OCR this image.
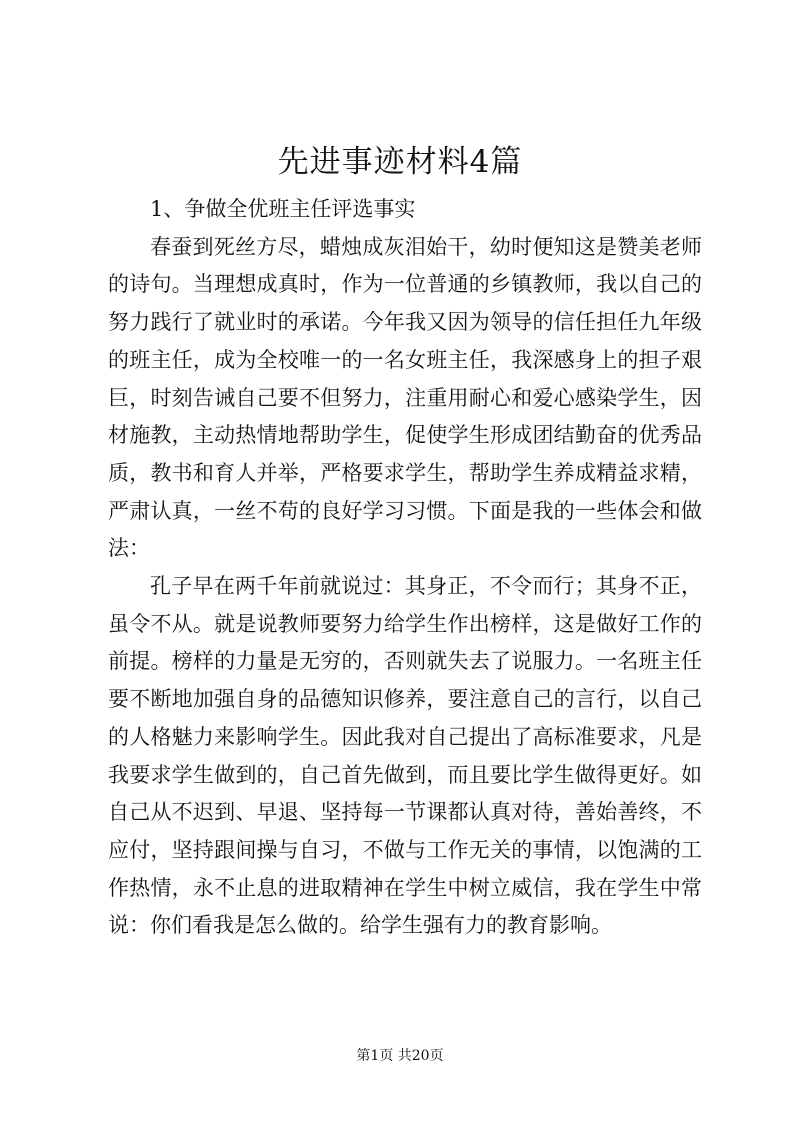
先进事迹材料4篇

1、争做全优班主任评选事实

春蚕到死丝方尽，蜡烛成灰泪始干，幼时便知这是赞美老师的诗句。当理想成真时，作为一位普通的乡镇教师，我以自己的努力践行了就业时的承诺。今年我又因为领导的信任担任九年级的班主任，成为全校唯一的一名女班主任，我深感身上的担子艰巨，时刻告诫自己要不但努力，注重用耐心和爱心感染学生，因材施教，主动热情地帮助学生，促使学生形成团结勤奋的优秀品质，教书和育人并举，严格要求学生，帮助学生养成精益求精，严肃认真，一丝不苟的良好学习习惯。下面是我的一些体会和做法：

孔子早在两千年前就说过：其身正，不令而行；其身不正，虽令不从。就是说教师要努力给学生作出榜样，这是做好工作的前提。榜样的力量是无穷的，否则就失去了说服力。一名班主任要不断地加强自身的品德知识修养，要注意自己的言行，以自己的人格魅力来影响学生。因此我对自己提出了高标准要求，凡是我要求学生做到的，自己首先做到，而且要比学生做得更好。如自己从不迟到、早退、坚持每一节课都认真对待，善始善终，不应付，坚持跟间操与自习，不做与工作无关的事情，以饱满的工作热情，永不止息的进取精神在学生中树立威信，我在学生中常说：你们看我是怎么做的。给学生强有力的教育影响。

第1页 共20页
